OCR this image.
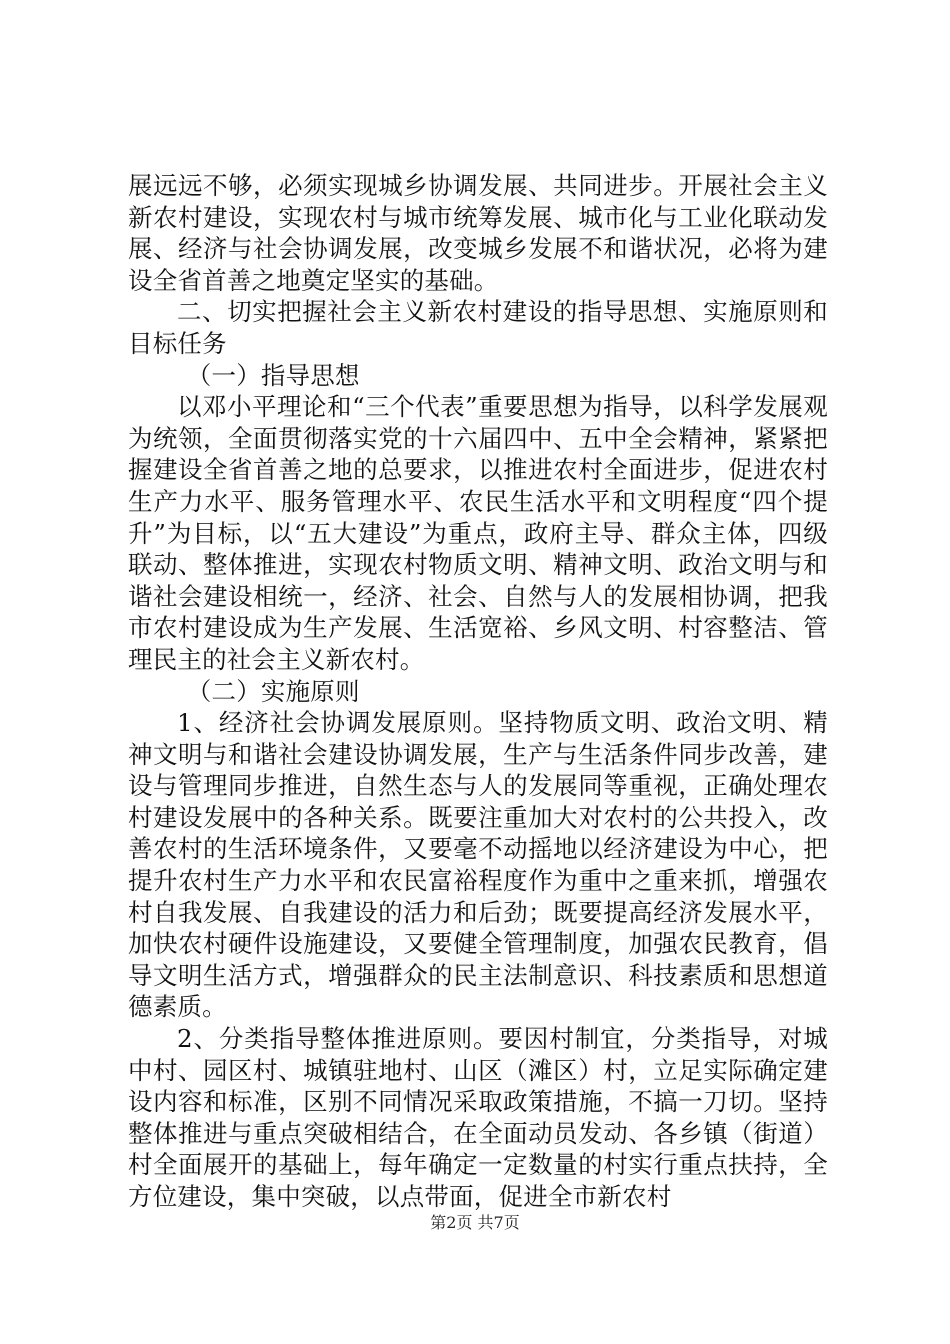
展远远不够，必须实现城乡协调发展、共同进步。开展社会主义新农村建设，实现农村与城市统筹发展、城市化与工业化联动发展、经济与社会协调发展，改变城乡发展不和谐状况，必将为建设全省首善之地奠定坚实的基础。

二、切实把握社会主义新农村建设的指导思想、实施原则和目标任务

（一）指导思想

以邓小平理论和“三个代表”重要思想为指导，以科学发展观为统领，全面贯彻落实党的十六届四中、五中全会精神，紧紧把握建设全省首善之地的总要求，以推进农村全面进步，促进农村生产力水平、服务管理水平、农民生活水平和文明程度“四个提升”为目标，以“五大建设”为重点，政府主导、群众主体，四级联动、整体推进，实现农村物质文明、精神文明、政治文明与和谐社会建设相统一，经济、社会、自然与人的发展相协调，把我市农村建设成为生产发展、生活宽裕、乡风文明、村容整洁、管理民主的社会主义新农村。

（二）实施原则

1、经济社会协调发展原则。坚持物质文明、政治文明、精神文明与和谐社会建设协调发展，生产与生活条件同步改善，建设与管理同步推进，自然生态与人的发展同等重视，正确处理农村建设发展中的各种关系。既要注重加大对农村的公共投入，改善农村的生活环境条件，又要毫不动摇地以经济建设为中心，把提升农村生产力水平和农民富裕程度作为重中之重来抓，增强农村自我发展、自我建设的活力和后劲；既要提高经济发展水平，加快农村硬件设施建设，又要健全管理制度，加强农民教育，倡导文明生活方式，增强群众的民主法制意识、科技素质和思想道德素质。

2、分类指导整体推进原则。要因村制宜，分类指导，对城中村、园区村、城镇驻地村、山区（滩区）村，立足实际确定建设内容和标准，区别不同情况采取政策措施，不搞一刀切。坚持整体推进与重点突破相结合，在全面动员发动、各乡镇（街道）村全面展开的基础上，每年确定一定数量的村实行重点扶持，全方位建设，集中突破，以点带面，促进全市新农村

第2页 共7页
